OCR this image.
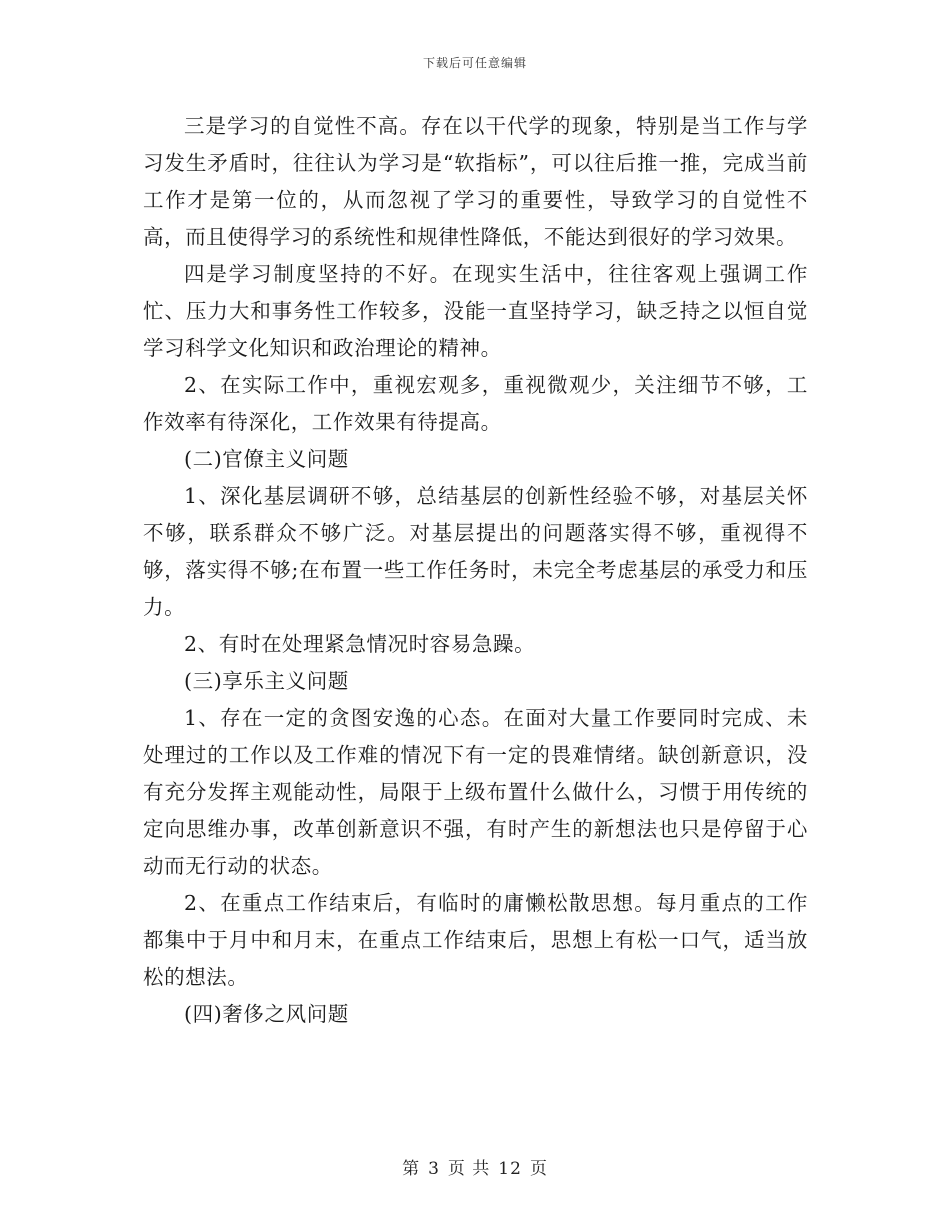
下载后可任意编辑

三是学习的自觉性不高。存在以干代学的现象，特别是当工作与学习发生矛盾时，往往认为学习是“软指标”，可以往后推一推，完成当前工作才是第一位的，从而忽视了学习的重要性，导致学习的自觉性不高，而且使得学习的系统性和规律性降低，不能达到很好的学习效果。

四是学习制度坚持的不好。在现实生活中，往往客观上强调工作忙、压力大和事务性工作较多，没能一直坚持学习，缺乏持之以恒自觉学习科学文化知识和政治理论的精神。

2、在实际工作中，重视宏观多，重视微观少，关注细节不够，工作效率有待深化，工作效果有待提高。

(二)官僚主义问题

1、深化基层调研不够，总结基层的创新性经验不够，对基层关怀不够，联系群众不够广泛。对基层提出的问题落实得不够，重视得不够，落实得不够;在布置一些工作任务时，未完全考虑基层的承受力和压力。

2、有时在处理紧急情况时容易急躁。

(三)享乐主义问题

1、存在一定的贪图安逸的心态。在面对大量工作要同时完成、未处理过的工作以及工作难的情况下有一定的畏难情绪。缺创新意识，没有充分发挥主观能动性，局限于上级布置什么做什么，习惯于用传统的定向思维办事，改革创新意识不强，有时产生的新想法也只是停留于心动而无行动的状态。

2、在重点工作结束后，有临时的庸懒松散思想。每月重点的工作都集中于月中和月末，在重点工作结束后，思想上有松一口气，适当放松的想法。

(四)奢侈之风问题

第 3 页 共 12 页
